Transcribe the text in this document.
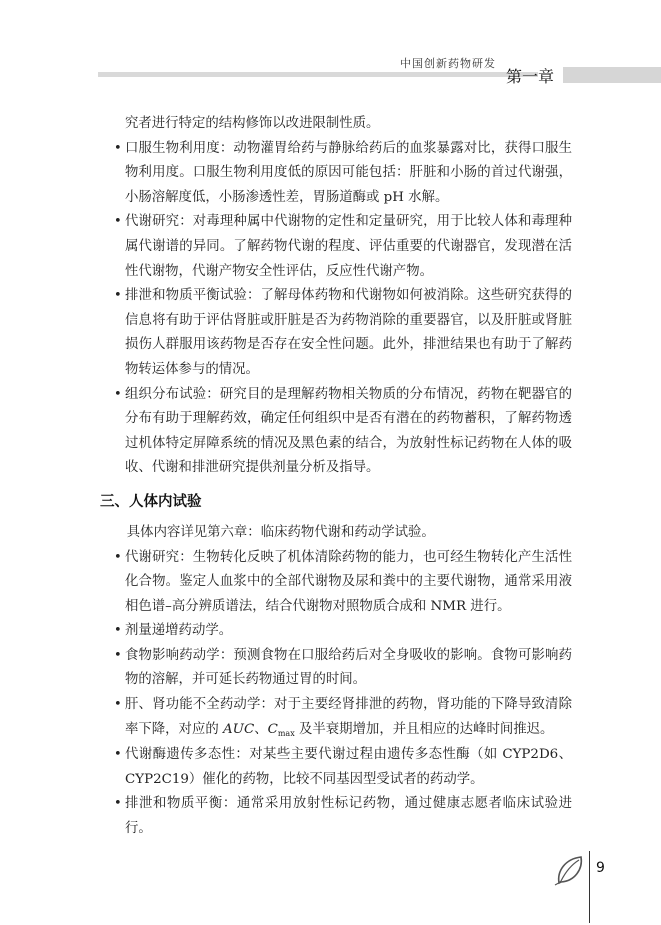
中国创新药物研发
第一章

究者进行特定的结构修饰以改进限制性质。

• 口服生物利用度：动物灌胃给药与静脉给药后的血浆暴露对比，获得口服生物利用度。口服生物利用度低的原因可能包括：肝脏和小肠的首过代谢强，小肠溶解度低，小肠渗透性差，胃肠道酶或 pH 水解。
• 代谢研究：对毒理种属中代谢物的定性和定量研究，用于比较人体和毒理种属代谢谱的异同。了解药物代谢的程度、评估重要的代谢器官，发现潜在活性代谢物，代谢产物安全性评估，反应性代谢产物。
• 排泄和物质平衡试验：了解母体药物和代谢物如何被消除。这些研究获得的信息将有助于评估肾脏或肝脏是否为药物消除的重要器官，以及肝脏或肾脏损伤人群服用该药物是否存在安全性问题。此外，排泄结果也有助于了解药物转运体参与的情况。
• 组织分布试验：研究目的是理解药物相关物质的分布情况，药物在靶器官的分布有助于理解药效，确定任何组织中是否有潜在的药物蓄积，了解药物透过机体特定屏障系统的情况及黑色素的结合，为放射性标记药物在人体的吸收、代谢和排泄研究提供剂量分析及指导。
三、人体内试验

具体内容详见第六章：临床药物代谢和药动学试验。

• 代谢研究：生物转化反映了机体清除药物的能力，也可经生物转化产生活性化合物。鉴定人血浆中的全部代谢物及尿和粪中的主要代谢物，通常采用液相色谱–高分辨质谱法，结合代谢物对照物质合成和 NMR 进行。
• 剂量递增药动学。
• 食物影响药动学：预测食物在口服给药后对全身吸收的影响。食物可影响药物的溶解，并可延长药物通过胃的时间。
• 肝、肾功能不全药动学：对于主要经肾排泄的药物，肾功能的下降导致清除率下降，对应的 AUC、$C_{max}$ 及半衰期增加，并且相应的达峰时间推迟。
• 代谢酶遗传多态性：对某些主要代谢过程由遗传多态性酶（如 CYP2D6、CYP2C19）催化的药物，比较不同基因型受试者的药动学。
• 排泄和物质平衡：通常采用放射性标记药物，通过健康志愿者临床试验进行。
9
